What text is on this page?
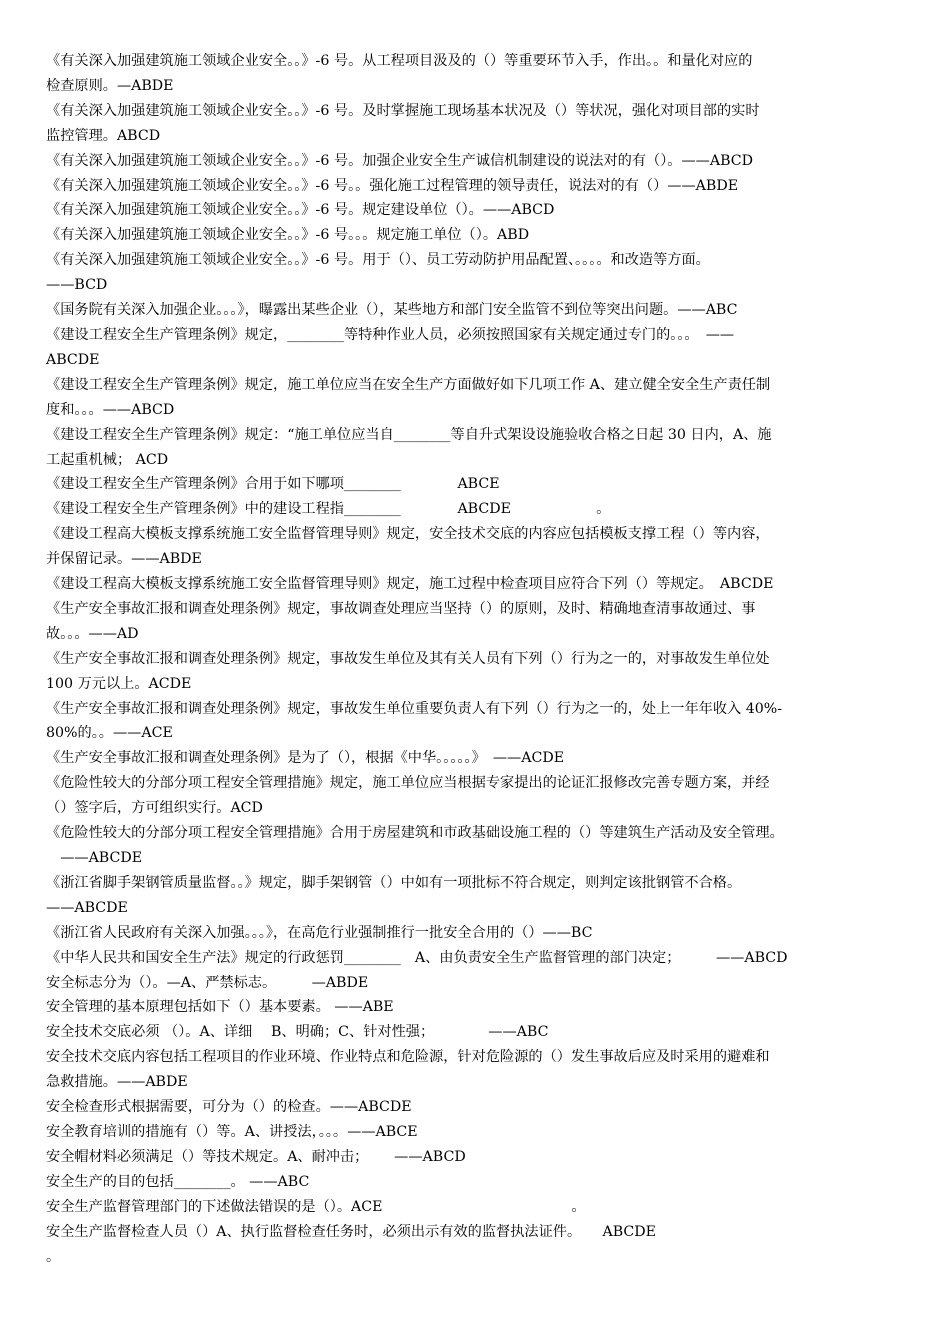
《有关深入加强建筑施工领域企业安全。。》-6 号。从工程项目汲及的（）等重要环节入手，作出。。和量化对应的
检查原则。—ABDE
《有关深入加强建筑施工领域企业安全。。》-6 号。及时掌握施工现场基本状况及（）等状况，强化对项目部的实时
监控管理。ABCD
《有关深入加强建筑施工领域企业安全。。》-6 号。加强企业安全生产诚信机制建设的说法对的有（）。——ABCD
《有关深入加强建筑施工领域企业安全。。》-6 号。。强化施工过程管理的领导责任，说法对的有（）——ABDE
《有关深入加强建筑施工领域企业安全。。》-6 号。规定建设单位（）。——ABCD
《有关深入加强建筑施工领域企业安全。。》-6 号。。。规定施工单位（）。ABD
《有关深入加强建筑施工领域企业安全。。》-6 号。用于（）、员工劳动防护用品配置、。。。。和改造等方面。
——BCD
《国务院有关深入加强企业。。。》，曝露出某些企业（），某些地方和部门安全监管不到位等突出问题。——ABC
《建设工程安全生产管理条例》规定，________等特种作业人员，必须按照国家有关规定通过专门的。。。　——
ABCDE
《建设工程安全生产管理条例》规定，施工单位应当在安全生产方面做好如下几项工作 A、建立健全安全生产责任制
度和。。。——ABCD
《建设工程安全生产管理条例》规定：“施工单位应当自________等自升式架设设施验收合格之日起 30 日内，A、施
工起重机械； ACD
《建设工程安全生产管理条例》合用于如下哪项________　　　　ABCE
《建设工程安全生产管理条例》中的建设工程指________　　　　ABCDE　　　　　　。
《建设工程高大模板支撑系统施工安全监督管理导则》规定，安全技术交底的内容应包括模板支撑工程（）等内容，
并保留记录。——ABDE
《建设工程高大模板支撑系统施工安全监督管理导则》规定，施工过程中检查项目应符合下列（）等规定。　ABCDE
《生产安全事故汇报和调查处理条例》规定，事故调查处理应当坚持（）的原则，及时、精确地查清事故通过、事
故。。。——AD
《生产安全事故汇报和调查处理条例》规定，事故发生单位及其有关人员有下列（）行为之一的，对事故发生单位处
100 万元以上。ACDE
《生产安全事故汇报和调查处理条例》规定，事故发生单位重要负责人有下列（）行为之一的，处上一年年收入 40%-
80%的。。——ACE
《生产安全事故汇报和调查处理条例》是为了（），根据《中华。。。。。》　——ACDE
《危险性较大的分部分项工程安全管理措施》规定，施工单位应当根据专家提出的论证汇报修改完善专题方案，并经
（）签字后，方可组织实行。ACD
《危险性较大的分部分项工程安全管理措施》合用于房屋建筑和市政基础设施工程的（）等建筑生产活动及安全管理。
　——ABCDE
《浙江省脚手架钢管质量监督。。》规定，脚手架钢管（）中如有一项批标不符合规定，则判定该批钢管不合格。
——ABCDE
《浙江省人民政府有关深入加强。。。》，在高危行业强制推行一批安全合用的（）——BC
《中华人民共和国安全生产法》规定的行政惩罚________　A、由负责安全生产监督管理的部门决定；　　　——ABCD
安全标志分为（）。—A、严禁标志。　　　—ABDE
安全管理的基本原理包括如下（）基本要素。 ——ABE
安全技术交底必须 （）。A、详细　 B、明确；C、针对性强；　　　　 ——ABC
安全技术交底内容包括工程项目的作业环境、作业特点和危险源，针对危险源的（）发生事故后应及时采用的避难和
急救措施。——ABDE
安全检查形式根据需要，可分为（）的检查。——ABCDE
安全教育培训的措施有（）等。A、讲授法，。。。——ABCE
安全帽材料必须满足（）等技术规定。A、耐冲击；　　 ——ABCD
安全生产的目的包括________。 ——ABC
安全生产监督管理部门的下述做法错误的是（）。ACE　　　　　　　　　　　　　 。
安全生产监督检查人员（）A、执行监督检查任务时，必须出示有效的监督执法证件。　　ABCDE
。
